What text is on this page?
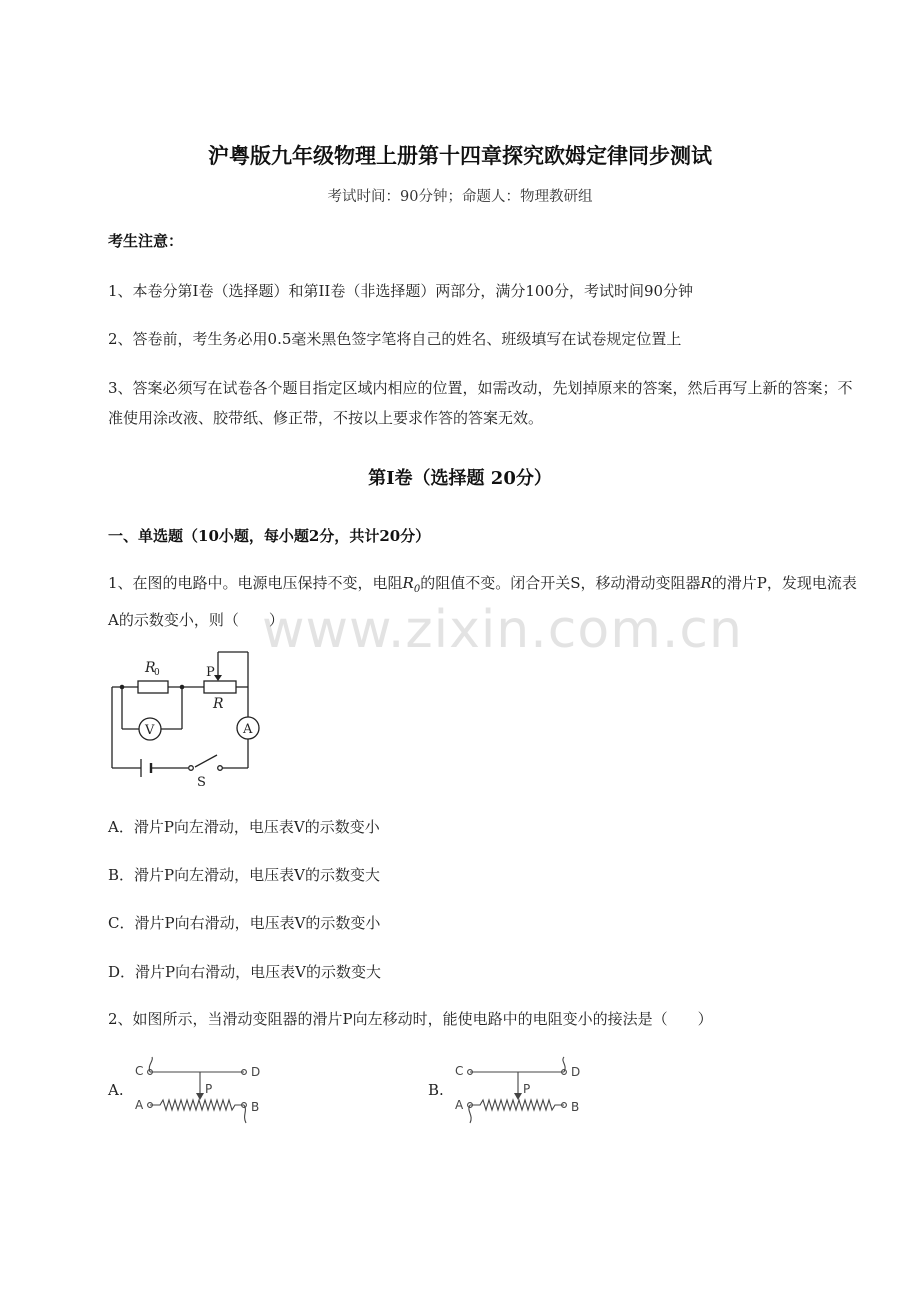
沪粤版九年级物理上册第十四章探究欧姆定律同步测试
考试时间：90分钟；命题人：物理教研组
考生注意：
1、本卷分第I卷（选择题）和第II卷（非选择题）两部分，满分100分，考试时间90分钟
2、答卷前，考生务必用0.5毫米黑色签字笔将自己的姓名、班级填写在试卷规定位置上
3、答案必须写在试卷各个题目指定区域内相应的位置，如需改动，先划掉原来的答案，然后再写上新的答案；不准使用涂改液、胶带纸、修正带，不按以上要求作答的答案无效。
第I卷（选择题 20分）
一、单选题（10小题，每小题2分，共计20分）
www.zixin.com.cn
1、在图的电路中。电源电压保持不变，电阻$R_0$的阻值不变。闭合开关S，移动滑动变阻器R的滑片P，发现电流表A的示数变小，则（　　）
R
0	P
R
V	A
S
A．滑片P向左滑动，电压表V的示数变小
B．滑片P向左滑动，电压表V的示数变大
C．滑片P向右滑动，电压表V的示数变小
D．滑片P向右滑动，电压表V的示数变大
2、如图所示，当滑动变阻器的滑片P向左移动时，能使电路中的电阻变小的接法是（　　）
A.
C	D
A	B
P	B.
C	D
A	B
P
